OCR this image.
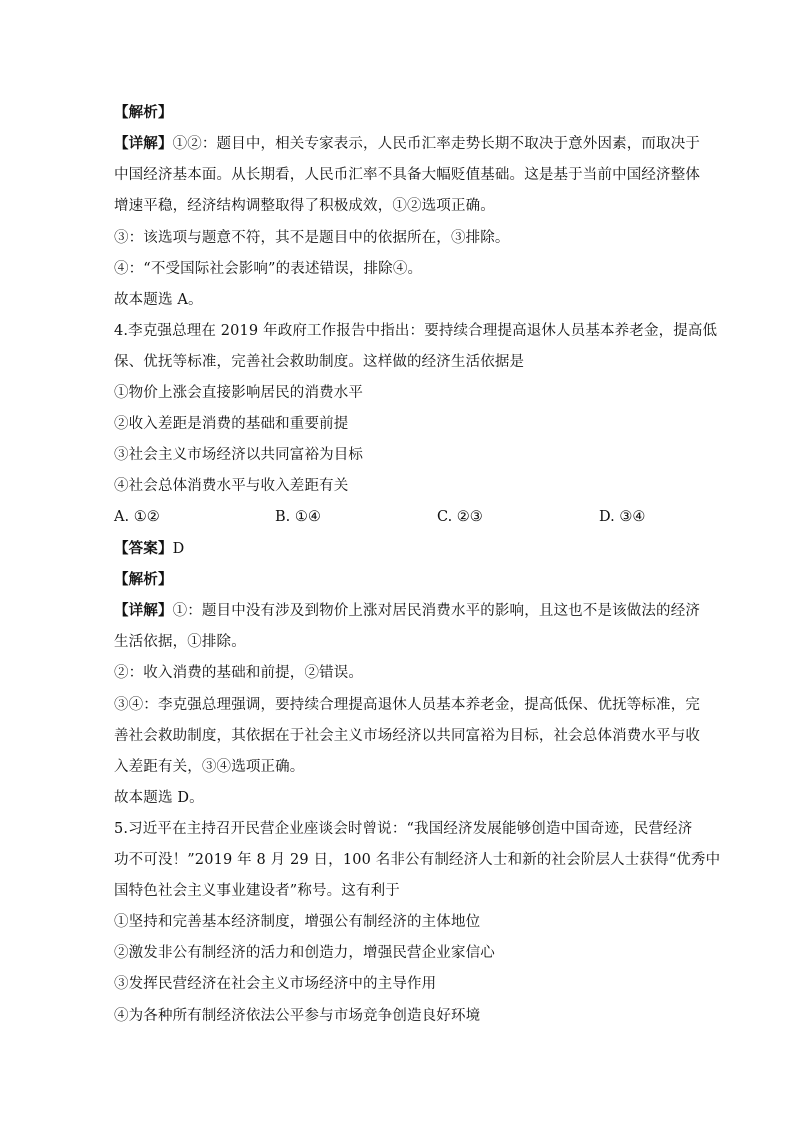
【解析】
【详解】①②：题目中，相关专家表示，人民币汇率走势长期不取决于意外因素，而取决于
中国经济基本面。从长期看，人民币汇率不具备大幅贬值基础。这是基于当前中国经济整体
增速平稳，经济结构调整取得了积极成效，①②选项正确。
③：该选项与题意不符，其不是题目中的依据所在，③排除。
④：“不受国际社会影响”的表述错误，排除④。
故本题选 A。
4.李克强总理在 2019 年政府工作报告中指出：要持续合理提高退休人员基本养老金，提高低
保、优抚等标准，完善社会救助制度。这样做的经济生活依据是
①物价上涨会直接影响居民的消费水平
②收入差距是消费的基础和重要前提
③社会主义市场经济以共同富裕为目标
④社会总体消费水平与收入差距有关
A. ①②	B. ①④	C. ②③	D. ③④
【答案】D
【解析】
【详解】①：题目中没有涉及到物价上涨对居民消费水平的影响，且这也不是该做法的经济
生活依据，①排除。
②：收入消费的基础和前提，②错误。
③④：李克强总理强调，要持续合理提高退休人员基本养老金，提高低保、优抚等标准，完
善社会救助制度，其依据在于社会主义市场经济以共同富裕为目标，社会总体消费水平与收
入差距有关，③④选项正确。
故本题选 D。
5.习近平在主持召开民营企业座谈会时曾说：“我国经济发展能够创造中国奇迹，民营经济
功不可没！”2019 年 8 月 29 日，100 名非公有制经济人士和新的社会阶层人士获得“优秀中
国特色社会主义事业建设者”称号。这有利于
①坚持和完善基本经济制度，增强公有制经济的主体地位
②激发非公有制经济的活力和创造力，增强民营企业家信心
③发挥民营经济在社会主义市场经济中的主导作用
④为各种所有制经济依法公平参与市场竞争创造良好环境
